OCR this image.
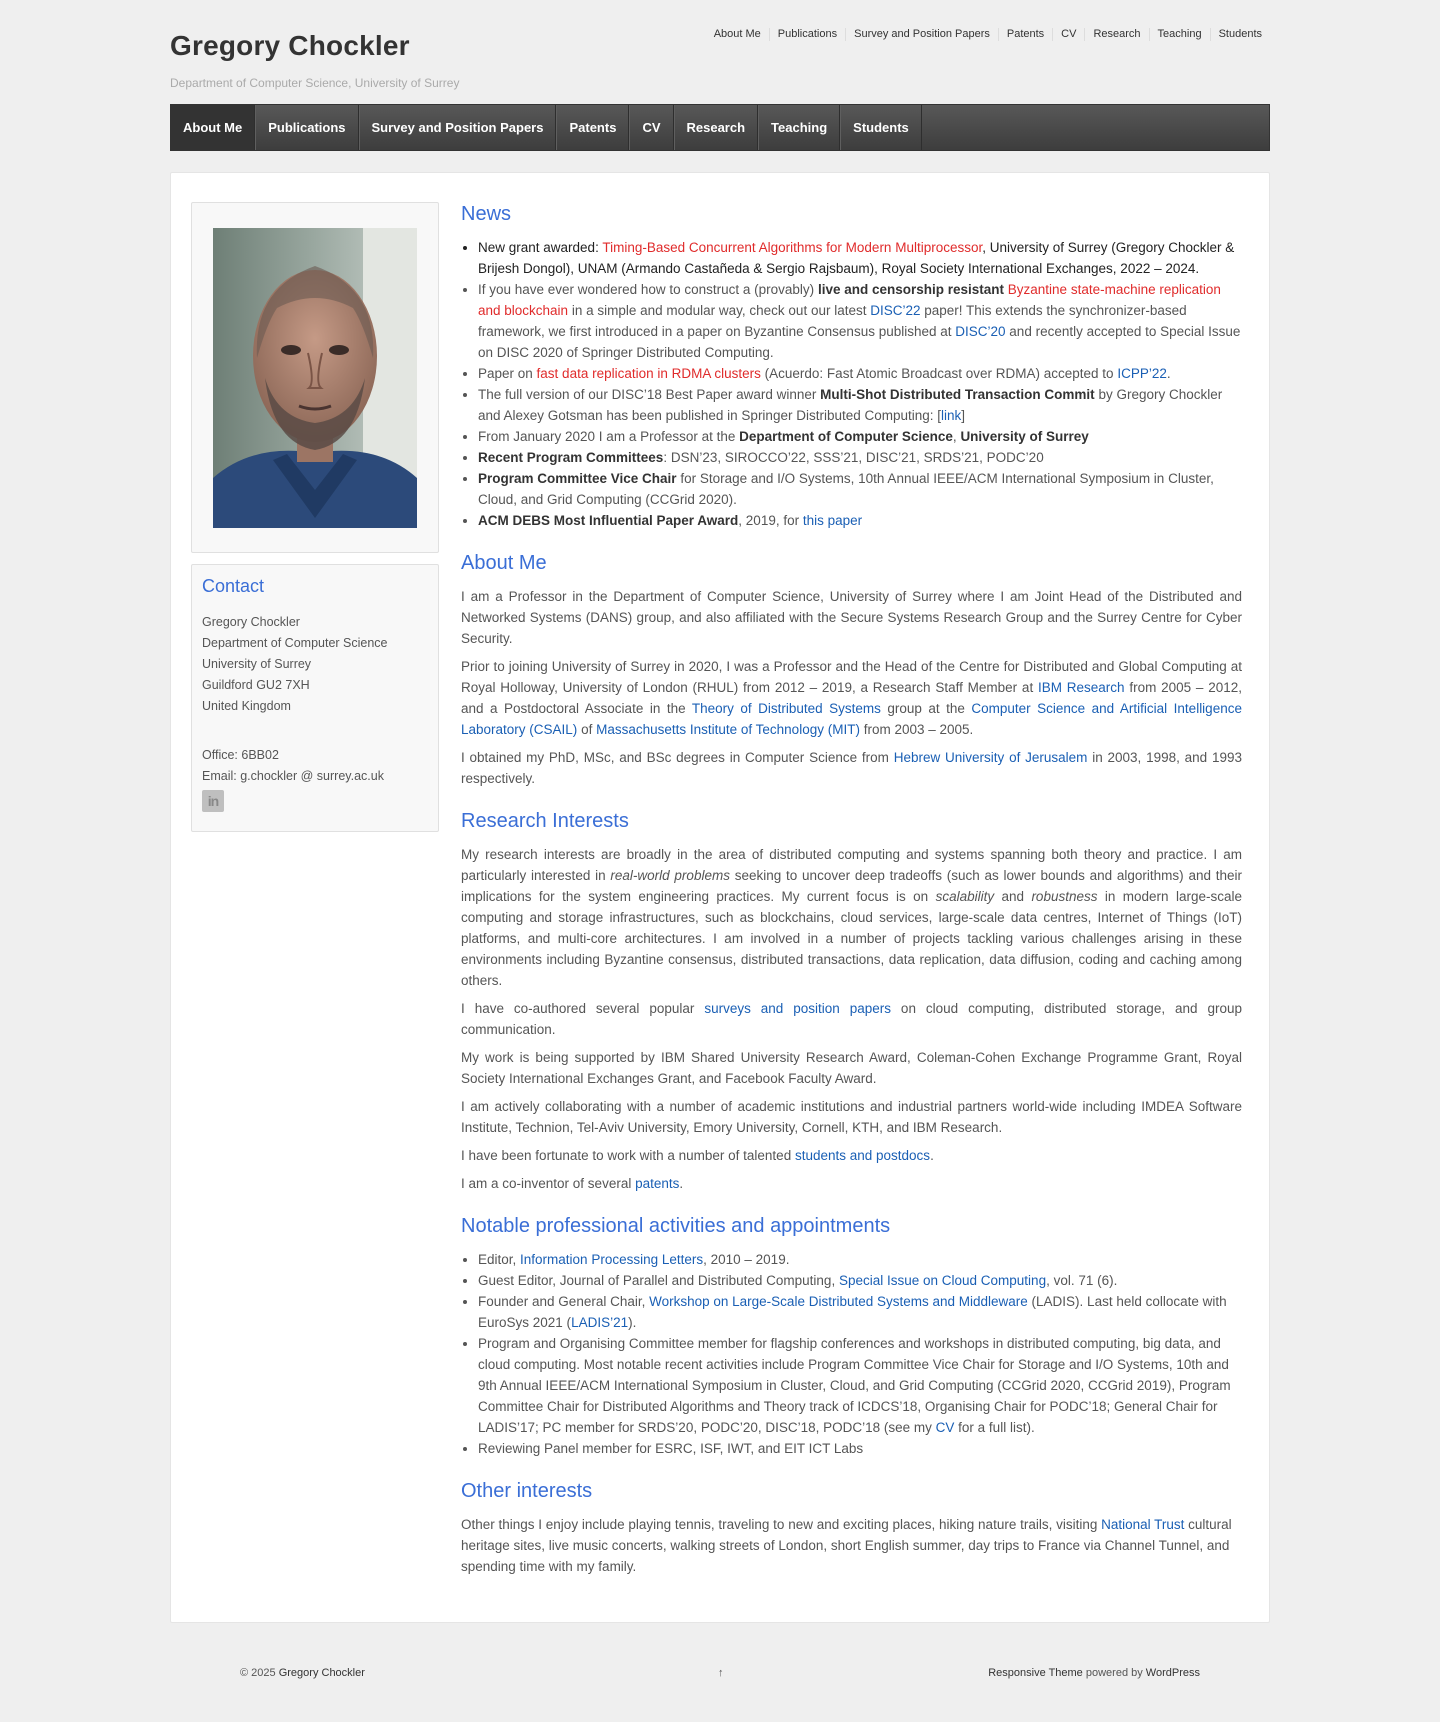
Gregory Chockler
Department of Computer Science, University of Surrey
About Me	Publications	Survey and Position Papers	Patents	CV	Research	Teaching	Students
About Me	Publications	Survey and Position Papers	Patents	CV	Research	Teaching	Students
Contact
Gregory Chockler
Department of Computer Science
University of Surrey
Guildford GU2 7XH
United Kingdom
Office: 6BB02
Email: g.chockler @ surrey.ac.uk
in
News
• New grant awarded: Timing-Based Concurrent Algorithms for Modern Multiprocessor, University of Surrey (Gregory Chockler & Brijesh Dongol), UNAM (Armando Castañeda & Sergio Rajsbaum), Royal Society International Exchanges, 2022 – 2024.
• If you have ever wondered how to construct a (provably) live and censorship resistant Byzantine state-machine replication and blockchain in a simple and modular way, check out our latest DISC’22 paper! This extends the synchronizer-based framework, we first introduced in a paper on Byzantine Consensus published at DISC’20 and recently accepted to Special Issue on DISC 2020 of Springer Distributed Computing.
• Paper on fast data replication in RDMA clusters (Acuerdo: Fast Atomic Broadcast over RDMA) accepted to ICPP’22.
• The full version of our DISC’18 Best Paper award winner Multi-Shot Distributed Transaction Commit by Gregory Chockler and Alexey Gotsman has been published in Springer Distributed Computing: [link]
• From January 2020 I am a Professor at the Department of Computer Science, University of Surrey
• Recent Program Committees: DSN’23, SIROCCO’22, SSS’21, DISC’21, SRDS’21, PODC’20
• Program Committee Vice Chair for Storage and I/O Systems, 10th Annual IEEE/ACM International Symposium in Cluster, Cloud, and Grid Computing (CCGrid 2020).
• ACM DEBS Most Influential Paper Award, 2019, for this paper
About Me

I am a Professor in the Department of Computer Science, University of Surrey where I am Joint Head of the Distributed and Networked Systems (DANS) group, and also affiliated with the Secure Systems Research Group and the Surrey Centre for Cyber Security.

Prior to joining University of Surrey in 2020, I was a Professor and the Head of the Centre for Distributed and Global Computing at Royal Holloway, University of London (RHUL) from 2012 – 2019, a Research Staff Member at IBM Research from 2005 – 2012, and a Postdoctoral Associate in the Theory of Distributed Systems group at the Computer Science and Artificial Intelligence Laboratory (CSAIL) of Massachusetts Institute of Technology (MIT) from 2003 – 2005.

I obtained my PhD, MSc, and BSc degrees in Computer Science from Hebrew University of Jerusalem in 2003, 1998, and 1993 respectively.

Research Interests

My research interests are broadly in the area of distributed computing and systems spanning both theory and practice. I am particularly interested in real-world problems seeking to uncover deep tradeoffs (such as lower bounds and algorithms) and their implications for the system engineering practices. My current focus is on scalability and robustness in modern large-scale computing and storage infrastructures, such as blockchains, cloud services, large-scale data centres, Internet of Things (IoT) platforms, and multi-core architectures. I am involved in a number of projects tackling various challenges arising in these environments including Byzantine consensus, distributed transactions, data replication, data diffusion, coding and caching among others.

I have co-authored several popular surveys and position papers on cloud computing, distributed storage, and group communication.

My work is being supported by IBM Shared University Research Award, Coleman-Cohen Exchange Programme Grant, Royal Society International Exchanges Grant, and Facebook Faculty Award.

I am actively collaborating with a number of academic institutions and industrial partners world-wide including IMDEA Software Institute, Technion, Tel-Aviv University, Emory University, Cornell, KTH, and IBM Research.

I have been fortunate to work with a number of talented students and postdocs.

I am a co-inventor of several patents.

Notable professional activities and appointments
• Editor, Information Processing Letters, 2010 – 2019.
• Guest Editor, Journal of Parallel and Distributed Computing, Special Issue on Cloud Computing, vol. 71 (6).
• Founder and General Chair, Workshop on Large-Scale Distributed Systems and Middleware (LADIS). Last held collocate with EuroSys 2021 (LADIS’21).
• Program and Organising Committee member for flagship conferences and workshops in distributed computing, big data, and cloud computing. Most notable recent activities include Program Committee Vice Chair for Storage and I/O Systems, 10th and 9th Annual IEEE/ACM International Symposium in Cluster, Cloud, and Grid Computing (CCGrid 2020, CCGrid 2019), Program Committee Chair for Distributed Algorithms and Theory track of ICDCS’18, Organising Chair for PODC’18; General Chair for LADIS’17; PC member for SRDS’20, PODC’20, DISC’18, PODC’18 (see my CV for a full list).
• Reviewing Panel member for ESRC, ISF, IWT, and EIT ICT Labs
Other interests

Other things I enjoy include playing tennis, traveling to new and exciting places, hiking nature trails, visiting National Trust cultural heritage sites, live music concerts, walking streets of London, short English summer, day trips to France via Channel Tunnel, and spending time with my family.

© 2025 Gregory Chockler	↑	Responsive Theme powered by WordPress
